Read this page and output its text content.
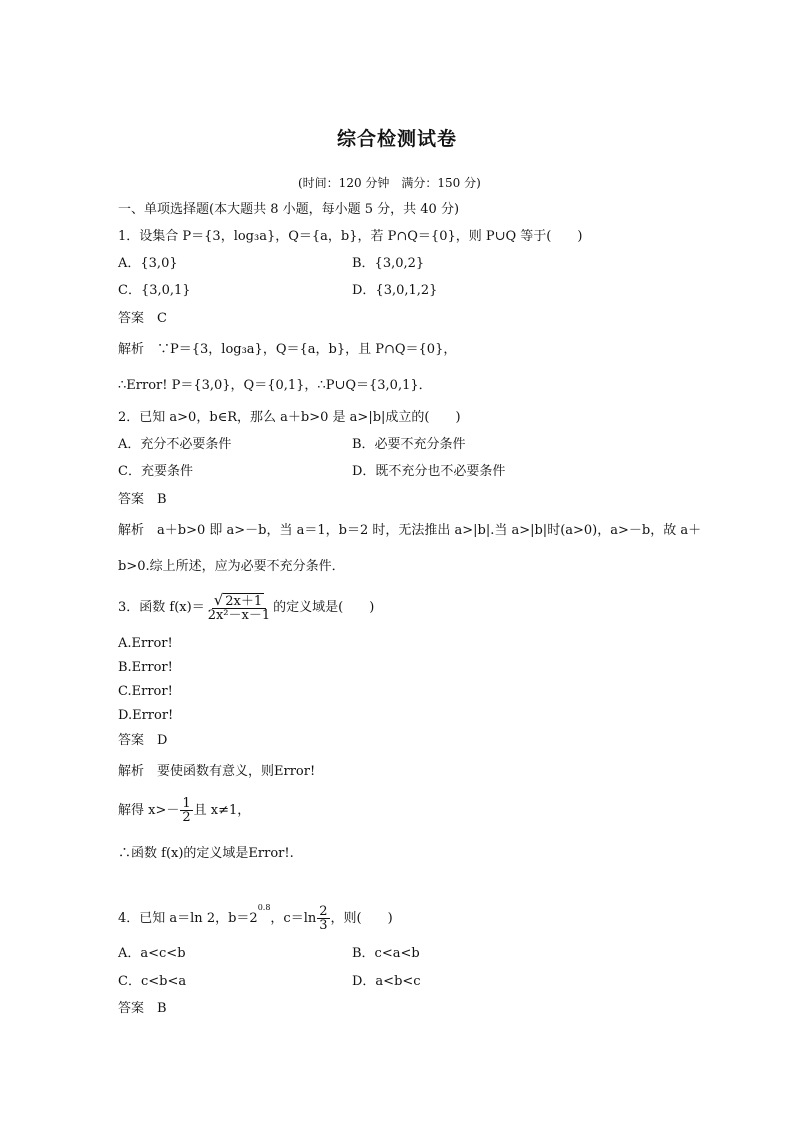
综合检测试卷
(时间：120 分钟　满分：150 分)
一、单项选择题(本大题共 8 小题，每小题 5 分，共 40 分)
1．设集合 P＝{3，log₃a}，Q＝{a，b}，若 P∩Q＝{0}，则 P∪Q 等于(　　)
A．{3,0}	B．{3,0,2}
C．{3,0,1}	D．{3,0,1,2}
答案　C
解析　∵P＝{3，log₃a}，Q＝{a，b}，且 P∩Q＝{0}，
∴Error! P＝{3,0}，Q＝{0,1}，∴P∪Q＝{3,0,1}．
2．已知 a>0，b∈R，那么 a＋b>0 是 a>|b|成立的(　　)
A．充分不必要条件	B．必要不充分条件
C．充要条件	D．既不充分也不必要条件
答案　B
解析　a＋b>0 即 a>－b，当 a＝1，b＝2 时，无法推出 a>|b|.当 a>|b|时(a>0)，a>－b，故 a＋
b>0.综上所述，应为必要不充分条件．
3．函数 $f(x)= \frac{√ 2x+1}{\text{2x²－x－1}}$ 的定义域是(　　)
A.Error!
B.Error!
C.Error!
D.Error!
答案　D
解析　要使函数有意义，则Error!
解得 $x>- \frac{1}{2}$ 且 x≠1，
∴函数 f(x)的定义域是Error!.
4．已知 a＝ln 2，$b=2^{0.8}$，$c=\ln \frac{2}{3}$ ，则(　　)
A．a<c<b	B．c<a<b
C．c<b<a	D．a<b<c
答案　B
